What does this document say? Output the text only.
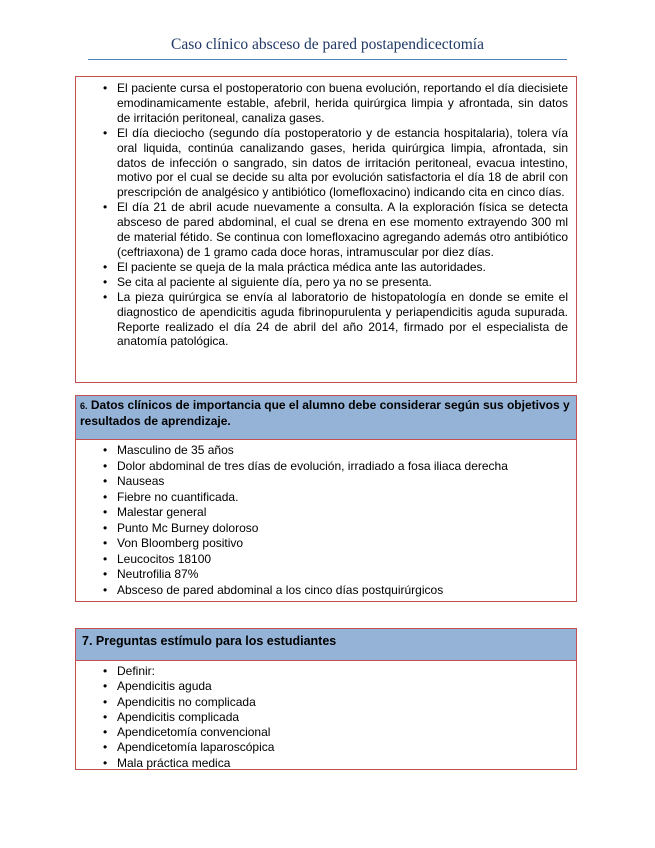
Caso clínico absceso de pared postapendicectomía
• El paciente cursa el postoperatorio con buena evolución, reportando el día diecisiete emodinamicamente estable, afebril, herida quirúrgica limpia y afrontada, sin datos de irritación peritoneal, canaliza gases.
• El día dieciocho (segundo día postoperatorio y de estancia hospitalaria), tolera vía oral liquida, continúa canalizando gases, herida quirúrgica limpia, afrontada, sin datos de infección o sangrado, sin datos de irritación peritoneal, evacua intestino, motivo por el cual se decide su alta por evolución satisfactoria el día 18 de abril con prescripción de analgésico y antibiótico (lomefloxacino) indicando cita en cinco días.
• El día 21 de abril acude nuevamente a consulta. A la exploración física se detecta absceso de pared abdominal, el cual se drena en ese momento extrayendo 300 ml de material fétido. Se continua con lomefloxacino agregando además otro antibiótico (ceftriaxona) de 1 gramo cada doce horas, intramuscular por diez días.
• El paciente se queja de la mala práctica médica ante las autoridades.
• Se cita al paciente al siguiente día, pero ya no se presenta.
• La pieza quirúrgica se envía al laboratorio de histopatología en donde se emite el diagnostico de apendicitis aguda fibrinopurulenta y periapendicitis aguda supurada. Reporte realizado el día 24 de abril del año 2014, firmado por el especialista de anatomía patológica.
6. Datos clínicos de importancia que el alumno debe considerar según sus objetivos y resultados de aprendizaje.
• Masculino de 35 años
• Dolor abdominal de tres días de evolución, irradiado a fosa iliaca derecha
• Nauseas
• Fiebre no cuantificada.
• Malestar general
• Punto Mc Burney doloroso
• Von Bloomberg positivo
• Leucocitos 18100
• Neutrofilia 87%
• Absceso de pared abdominal a los cinco días postquirúrgicos
7. Preguntas estímulo para los estudiantes
• Definir:
• Apendicitis aguda
• Apendicitis no complicada
• Apendicitis complicada
• Apendicetomía convencional
• Apendicetomía laparoscópica
• Mala práctica medica
